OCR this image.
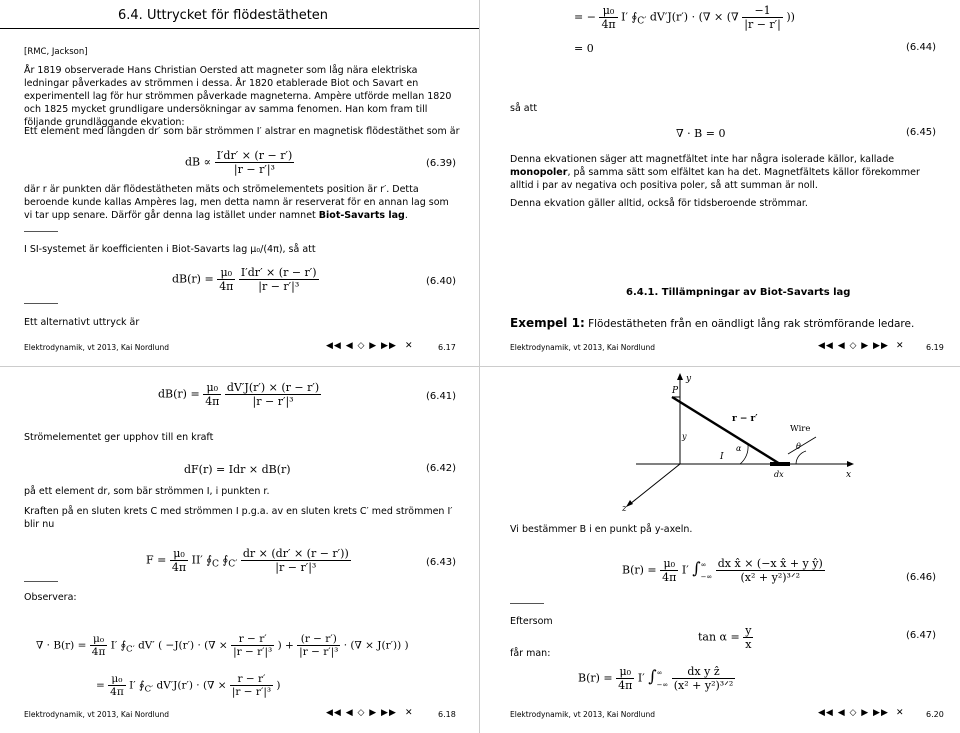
6.4. Uttrycket för flödestätheten
[RMC, Jackson]
År 1819 observerade Hans Christian Oersted att magneter som låg nära elektriska ledningar påverkades av strömmen i dessa. År 1820 etablerade Biot och Savart en experimentell lag för hur strömmen påverkade magneterna. Ampère utförde mellan 1820 och 1825 mycket grundligare undersökningar av samma fenomen. Han kom fram till följande grundläggande ekvation:
Ett element med längden dr′ som bär strömmen I′ alstrar en magnetisk flödestäthet som är
dB ∝ $\frac{I'dr' \times (r - r')}{\text{|r − r′|³}}$	(6.39)
där r är punkten där flödestätheten mäts och strömelementets position är r′. Detta beroende kunde kallas Ampères lag, men detta namn är reserverat för en annan lag som vi tar upp senare. Därför går denna lag istället under namnet Biot-Savarts lag.
I SI-systemet är koefficienten i Biot-Savarts lag μ₀/(4π), så att
$dB(r) = \frac{\text{μ₀}}{4\pi}$
$\frac{I'dr' \times (r - r')}{\text{|r − r′|³}}$	(6.40)
Ett alternativt uttryck är
Elektrodynamik, vt 2013, Kai Nordlund	◀◀ ◀ ◇ ▶ ▶▶ ✕	6.17
= − $\frac{\text{μ₀}}{4\pi} I'$ $∮_{C'}$ dV′J(r′) · (∇ × (∇ $\frac{-1}{|r - r'|}$ ))
= 0	(6.44)
så att
∇ · B = 0	(6.45)
Denna ekvationen säger att magnetfältet inte har några isolerade källor, kallade monopoler, på samma sätt som elfältet kan ha det. Magnetfältets källor förekommer alltid i par av negativa och positiva poler, så att summan är noll.
Denna ekvation gäller alltid, också för tidsberoende strömmar.
6.4.1. Tillämpningar av Biot-Savarts lag
Exempel 1: Flödestätheten från en oändligt lång rak strömförande ledare.
Elektrodynamik, vt 2013, Kai Nordlund	◀◀ ◀ ◇ ▶ ▶▶ ✕	6.19
$dB(r) = \frac{\text{μ₀}}{4\pi}$
$\frac{dV'J(r') \times (r - r')}{\text{|r − r′|³}}$	(6.41)
Strömelementet ger upphov till en kraft
dF(r) = Idr × dB(r)	(6.42)
på ett element dr, som bär strömmen I, i punkten r.
Kraften på en sluten krets C med strömmen I p.g.a. av en sluten krets C′ med strömmen I′ blir nu
$F = \frac{\text{μ₀}}{4\pi} II'$ $∮_C$ $∮_{C'} \frac{dr \times (dr' \times (r - r'))}{\text{|r − r′|³}}$	(6.43)
Observera:
∇ · $B(r) = \frac{\text{μ₀}}{4\pi} I'$ $∮_{C'}$ dV′ ( −J(r′) · (∇ × $\frac{r - r'}{\text{|r − r′|³}}$ ) + $\frac{(r - r')}{\text{|r − r′|³}}$ · (∇ × J(r′)) )
= $\frac{\text{μ₀}}{4\pi} I'$ $∮_{C'}$ dV′J(r′) · (∇ × $\frac{r - r'}{\text{|r − r′|³}}$ )
Elektrodynamik, vt 2013, Kai Nordlund	◀◀ ◀ ◇ ▶ ▶▶ ✕	6.18
y
x
z
P
r − r′
Wire
θ
α
I
dx
y
Vi bestämmer B i en punkt på y-axeln.
$B(r) = \frac{\text{μ₀}}{4\pi} I'$ ∫ ∞
−∞
$\frac{\text{dx x̂ × (−x x̂ + y ŷ)}}{\text{(x² + y²)³ᐟ²}}$	(6.46)
Eftersom
$\tan \alpha = \frac{y}{x}$	(6.47)
får man:
$B(r) = \frac{\text{μ₀}}{4\pi} I'$ ∫ ∞
−∞
$\frac{\text{dx y ẑ}}{\text{(x² + y²)³ᐟ²}}$
Elektrodynamik, vt 2013, Kai Nordlund	◀◀ ◀ ◇ ▶ ▶▶ ✕	6.20
